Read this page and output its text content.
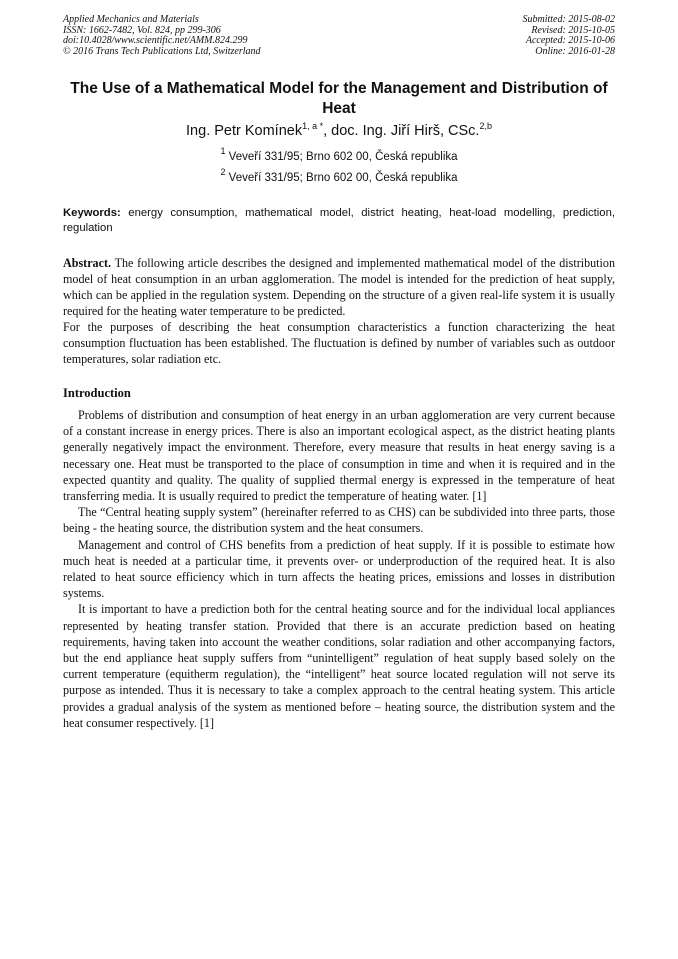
Applied Mechanics and Materials
ISSN: 1662-7482, Vol. 824, pp 299-306
doi:10.4028/www.scientific.net/AMM.824.299
© 2016 Trans Tech Publications Ltd, Switzerland
Submitted: 2015-08-02
Revised: 2015-10-05
Accepted: 2015-10-06
Online: 2016-01-28
The Use of a Mathematical Model for the Management and Distribution of Heat
Ing. Petr Komínek$^{1, a *}$, doc. Ing. Jiří Hirš, CSc.$^{2,b}$
$^1$ Veveří 331/95; Brno 602 00, Česká republika
$^2$ Veveří 331/95; Brno 602 00, Česká republika
Keywords: energy consumption, mathematical model, district heating, heat-load modelling, prediction, regulation

Abstract. The following article describes the designed and implemented mathematical model of the distribution model of heat consumption in an urban agglomeration. The model is intended for the prediction of heat supply, which can be applied in the regulation system. Depending on the structure of a given real-life system it is usually required for the heating water temperature to be predicted.

For the purposes of describing the heat consumption characteristics a function characterizing the heat consumption fluctuation has been established. The fluctuation is defined by number of variables such as outdoor temperatures, solar radiation etc.

Introduction

Problems of distribution and consumption of heat energy in an urban agglomeration are very current because of a constant increase in energy prices. There is also an important ecological aspect, as the district heating plants generally negatively impact the environment. Therefore, every measure that results in heat energy saving is a necessary one. Heat must be transported to the place of consumption in time and when it is required and in the expected quantity and quality. The quality of supplied thermal energy is expressed in the temperature of heat transferring media. It is usually required to predict the temperature of heating water. [1]

The “Central heating supply system” (hereinafter referred to as CHS) can be subdivided into three parts, those being - the heating source, the distribution system and the heat consumers.

Management and control of CHS benefits from a prediction of heat supply. If it is possible to estimate how much heat is needed at a particular time, it prevents over- or underproduction of the required heat. It is also related to heat source efficiency which in turn affects the heating prices, emissions and losses in distribution systems.

It is important to have a prediction both for the central heating source and for the individual local appliances represented by heating transfer station. Provided that there is an accurate prediction based on heating requirements, having taken into account the weather conditions, solar radiation and other accompanying factors, but the end appliance heat supply suffers from “unintelligent” regulation of heat supply based solely on the current temperature (equitherm regulation), the “intelligent” heat source located regulation will not serve its purpose as intended. Thus it is necessary to take a complex approach to the central heating system. This article provides a gradual analysis of the system as mentioned before – heating source, the distribution system and the heat consumer respectively. [1]
